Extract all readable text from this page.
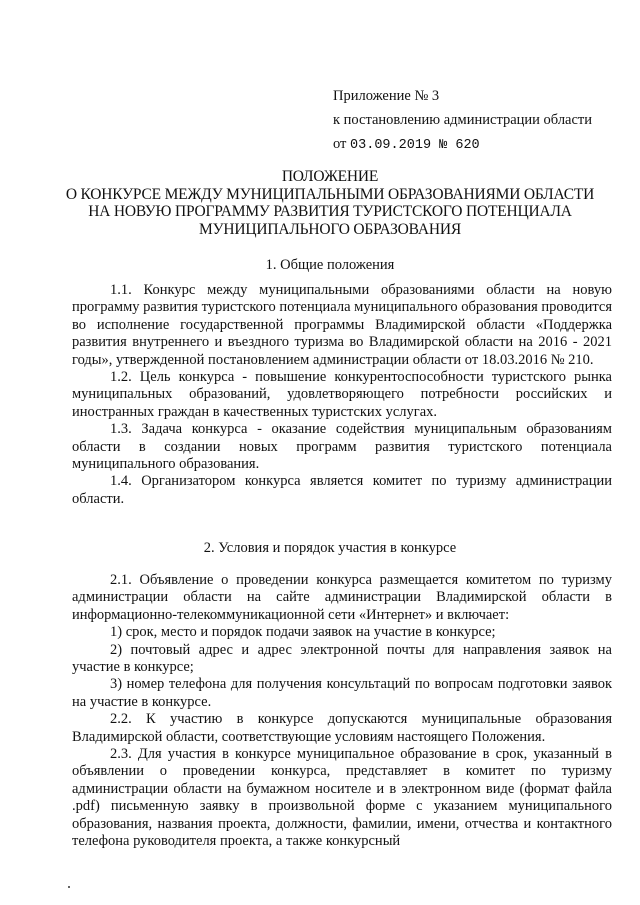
Приложение № 3
к постановлению администрации области
от 03.09.2019 № 620
ПОЛОЖЕНИЕ
О КОНКУРСЕ МЕЖДУ МУНИЦИПАЛЬНЫМИ ОБРАЗОВАНИЯМИ ОБЛАСТИ
НА НОВУЮ ПРОГРАММУ РАЗВИТИЯ ТУРИСТСКОГО ПОТЕНЦИАЛА
МУНИЦИПАЛЬНОГО ОБРАЗОВАНИЯ
1. Общие положения

1.1. Конкурс между муниципальными образованиями области на новую программу развития туристского потенциала муниципального образования проводится во исполнение государственной программы Владимирской области «Поддержка развития внутреннего и въездного туризма во Владимирской области на 2016 - 2021 годы», утвержденной постановлением администрации области от 18.03.2016 № 210.

1.2. Цель конкурса - повышение конкурентоспособности туристского рынка муниципальных образований, удовлетворяющего потребности российских и иностранных граждан в качественных туристских услугах.

1.3. Задача конкурса - оказание содействия муниципальным образованиям области в создании новых программ развития туристского потенциала муниципального образования.

1.4. Организатором конкурса является комитет по туризму администрации области.

2. Условия и порядок участия в конкурсе

2.1. Объявление о проведении конкурса размещается комитетом по туризму администрации области на сайте администрации Владимирской области в информационно-телекоммуникационной сети «Интернет» и включает:

1) срок, место и порядок подачи заявок на участие в конкурсе;

2) почтовый адрес и адрес электронной почты для направления заявок на участие в конкурсе;

3) номер телефона для получения консультаций по вопросам подготовки заявок на участие в конкурсе.

2.2. К участию в конкурсе допускаются муниципальные образования Владимирской области, соответствующие условиям настоящего Положения.

2.3. Для участия в конкурсе муниципальное образование в срок, указанный в объявлении о проведении конкурса, представляет в комитет по туризму администрации области на бумажном носителе и в электронном виде (формат файла .pdf) письменную заявку в произвольной форме с указанием муниципального образования, названия проекта, должности, фамилии, имени, отчества и контактного телефона руководителя проекта, а также конкурсный
